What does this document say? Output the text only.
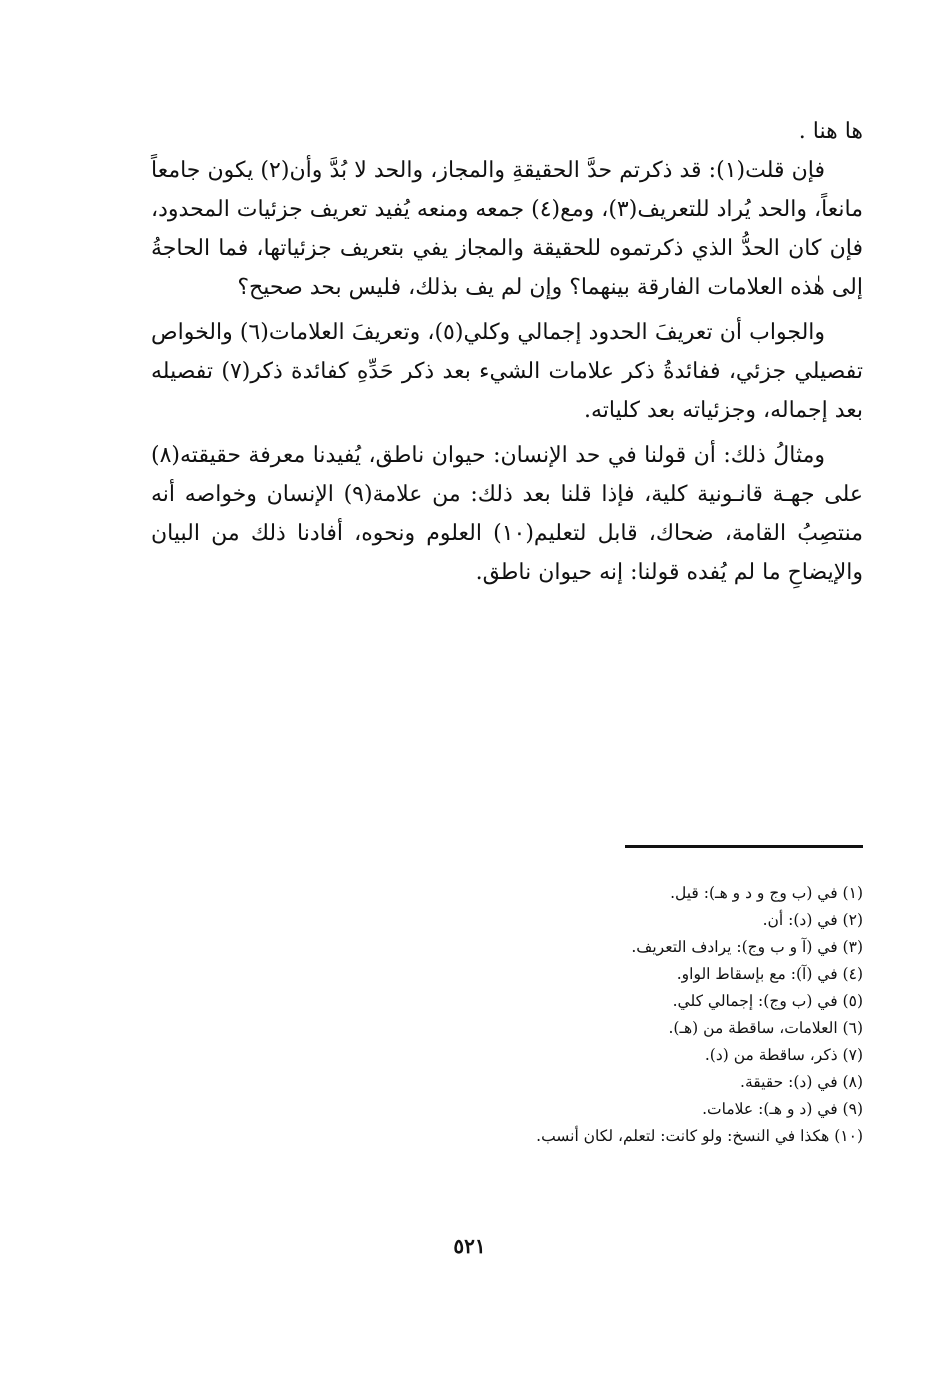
ها هنا .

فإن قلت(١): قد ذكرتم حدَّ الحقيقةِ والمجاز، والحد لا بُدَّ وأن(٢) يكون جامعاً مانعاً، والحد يُراد للتعريف(٣)، ومع(٤) جمعه ومنعه يُفيد تعريف جزئيات المحدود، فإن كان الحدُّ الذي ذكرتموه للحقيقة والمجاز يفي بتعريف جزئياتها، فما الحاجةُ إلى هٰذه العلامات الفارقة بينهما؟ وإن لم يف بذلك، فليس بحد صحيح؟

والجواب أن تعريفَ الحدود إجمالي وكلي(٥)، وتعريفَ العلامات(٦) والخواص تفصيلي جزئي، ففائدةُ ذكر علامات الشيء بعد ذكر حَدِّهِ كفائدة ذكر(٧) تفصيله بعد إجماله، وجزئياته بعد كلياته.

ومثالُ ذلك: أن قولنا في حد الإنسان: حيوان ناطق، يُفيدنا معرفة حقيقته(٨) على جهـة قانـونية كلية، فإذا قلنا بعد ذلك: من علامة(٩) الإنسان وخواصه أنه منتصِبُ القامة، ضحاك، قابل لتعليم(١٠) العلوم ونحوه، أفادنا ذلك من البيان والإيضاحِ ما لم يُفده قولنا: إنه حيوان ناطق.

(١) في (ب وج و د و هـ): قيل.
(٢) في (د): أن.
(٣) في (آ و ب وج): يرادف التعريف.
(٤) في (آ): مع بإسقاط الواو.
(٥) في (ب وج): إجمالي كلي.
(٦) العلامات، ساقطة من (هـ).
(٧) ذكر، ساقطة من (د).
(٨) في (د): حقيقة.
(٩) في (د و هـ): علامات.
(١٠) هكذا في النسخ: ولو كانت: لتعلم، لكان أنسب.
٥٢١
